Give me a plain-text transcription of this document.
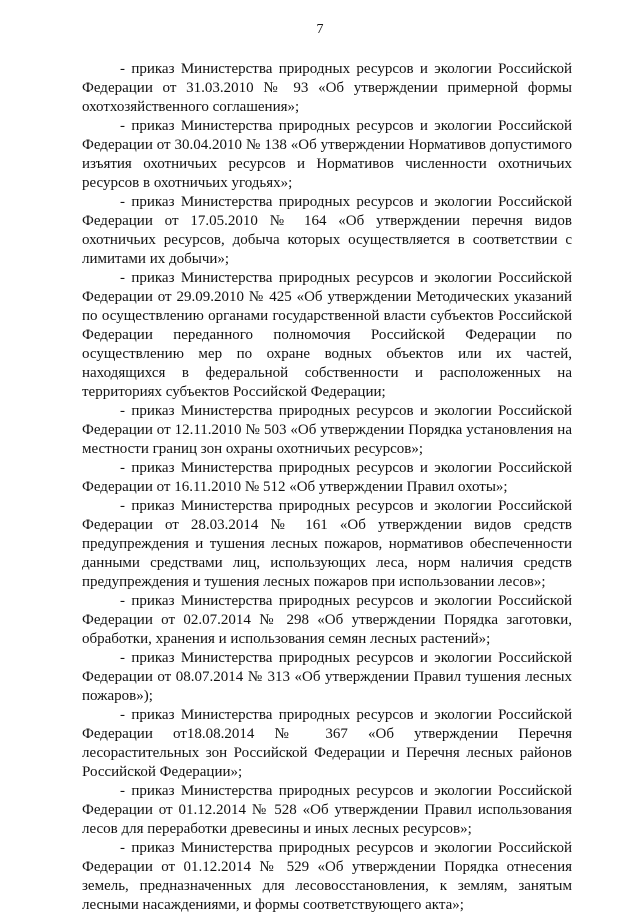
7

- приказ Министерства природных ресурсов и экологии Российской Федерации от 31.03.2010 № 93 «Об утверждении примерной формы охотхозяйственного соглашения»;

- приказ Министерства природных ресурсов и экологии Российской Федерации от 30.04.2010 № 138 «Об утверждении Нормативов допустимого изъятия охотничьих ресурсов и Нормативов численности охотничьих ресурсов в охотничьих угодьях»;

- приказ Министерства природных ресурсов и экологии Российской Федерации от 17.05.2010 № 164 «Об утверждении перечня видов охотничьих ресурсов, добыча которых осуществляется в соответствии с лимитами их добычи»;

- приказ Министерства природных ресурсов и экологии Российской Федерации от 29.09.2010 № 425 «Об утверждении Методических указаний по осуществлению органами государственной власти субъектов Российской Федерации переданного полномочия Российской Федерации по осуществлению мер по охране водных объектов или их частей, находящихся в федеральной собственности и расположенных на территориях субъектов Российской Федерации;

- приказ Министерства природных ресурсов и экологии Российской Федерации от 12.11.2010 № 503 «Об утверждении Порядка установления на местности границ зон охраны охотничьих ресурсов»;

- приказ Министерства природных ресурсов и экологии Российской Федерации от 16.11.2010 № 512 «Об утверждении Правил охоты»;

- приказ Министерства природных ресурсов и экологии Российской Федерации от 28.03.2014 № 161 «Об утверждении видов средств предупреждения и тушения лесных пожаров, нормативов обеспеченности данными средствами лиц, использующих леса, норм наличия средств предупреждения и тушения лесных пожаров при использовании лесов»;

- приказ Министерства природных ресурсов и экологии Российской Федерации от 02.07.2014 № 298 «Об утверждении Порядка заготовки, обработки, хранения и использования семян лесных растений»;

- приказ Министерства природных ресурсов и экологии Российской Федерации от 08.07.2014 № 313 «Об утверждении Правил тушения лесных пожаров»);

- приказ Министерства природных ресурсов и экологии Российской Федерации от18.08.2014 № 367 «Об утверждении Перечня лесорастительных зон Российской Федерации и Перечня лесных районов Российской Федерации»;

- приказ Министерства природных ресурсов и экологии Российской Федерации от 01.12.2014 № 528 «Об утверждении Правил использования лесов для переработки древесины и иных лесных ресурсов»;

- приказ Министерства природных ресурсов и экологии Российской Федерации от 01.12.2014 № 529 «Об утверждении Порядка отнесения земель, предназначенных для лесовосстановления, к землям, занятым лесными насаждениями, и формы соответствующего акта»;
